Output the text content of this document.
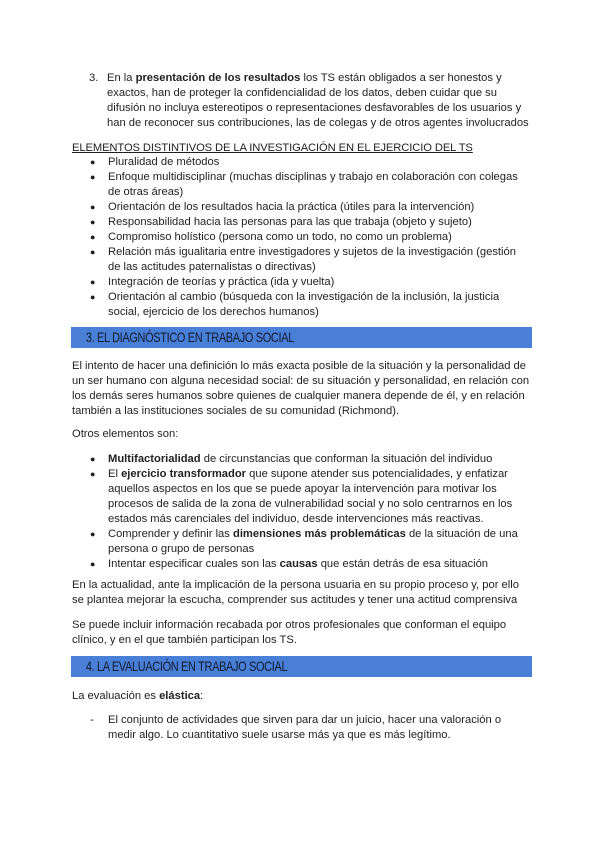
3. En la presentación de los resultados los TS están obligados a ser honestos y exactos, han de proteger la confidencialidad de los datos, deben cuidar que su difusión no incluya estereotipos o representaciones desfavorables de los usuarios y han de reconocer sus contribuciones, las de colegas y de otros agentes involucrados
ELEMENTOS DISTINTIVOS DE LA INVESTIGACIÓN EN EL EJERCICIO DEL TS
● Pluralidad de métodos
● Enfoque multidisciplinar (muchas disciplinas y trabajo en colaboración con colegas de otras áreas)
● Orientación de los resultados hacia la práctica (útiles para la intervención)
● Responsabilidad hacia las personas para las que trabaja (objeto y sujeto)
● Compromiso holístico (persona como un todo, no como un problema)
● Relación más igualitaria entre investigadores y sujetos de la investigación (gestión de las actitudes paternalistas o directivas)
● Integración de teorías y práctica (ida y vuelta)
● Orientación al cambio (búsqueda con la investigación de la inclusión, la justicia social, ejercicio de los derechos humanos)
3. EL DIAGNÓSTICO EN TRABAJO SOCIAL

El intento de hacer una definición lo más exacta posible de la situación y la personalidad de un ser humano con alguna necesidad social: de su situación y personalidad, en relación con los demás seres humanos sobre quienes de cualquier manera depende de él, y en relación también a las instituciones sociales de su comunidad (Richmond).

Otros elementos son:

● Multifactorialidad de circunstancias que conforman la situación del individuo
● El ejercicio transformador que supone atender sus potencialidades, y enfatizar aquellos aspectos en los que se puede apoyar la intervención para motivar los procesos de salida de la zona de vulnerabilidad social y no solo centrarnos en los estados más carenciales del individuo, desde intervenciones más reactivas.
● Comprender y definir las dimensiones más problemáticas de la situación de una persona o grupo de personas
● Intentar especificar cuales son las causas que están detrás de esa situación

En la actualidad, ante la implicación de la persona usuaria en su propio proceso y, por ello se plantea mejorar la escucha, comprender sus actitudes y tener una actitud comprensiva

Se puede incluir información recabada por otros profesionales que conforman el equipo clínico, y en el que también participan los TS.

4. LA EVALUACIÓN EN TRABAJO SOCIAL

La evaluación es elástica:

- El conjunto de actividades que sirven para dar un juicio, hacer una valoración o medir algo. Lo cuantitativo suele usarse más ya que es más legítimo.
